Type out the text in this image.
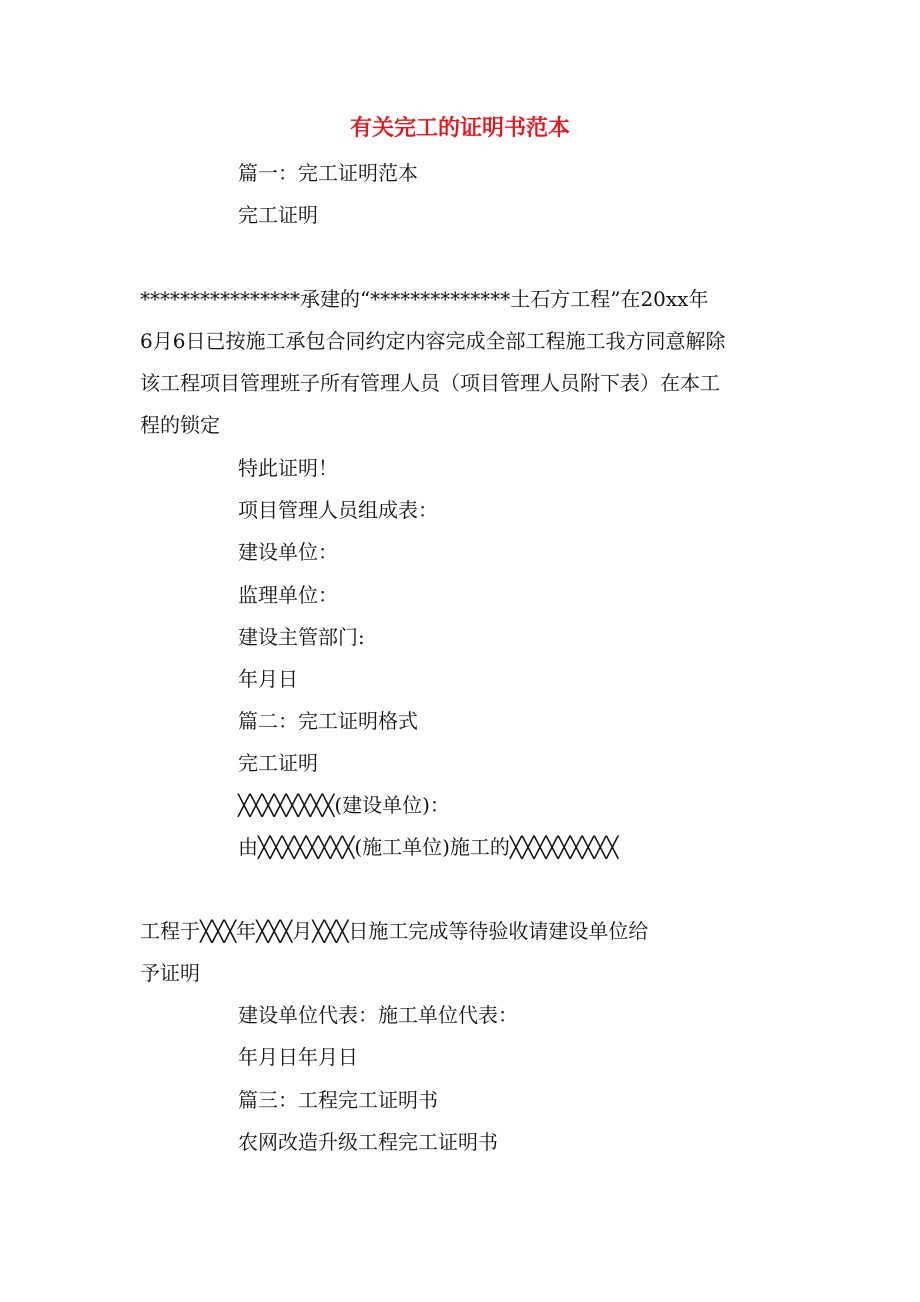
有关完工的证明书范本
篇一：完工证明范本
完工证明
****************承建的“**************土石方工程”在20xx年
6月6日已按施工承包合同约定内容完成全部工程施工我方同意解除
该工程项目管理班子所有管理人员（项目管理人员附下表）在本工
程的锁定
特此证明！
项目管理人员组成表：
建设单位：
监理单位：
建设主管部门:
年月日
篇二：完工证明格式
完工证明
╳╳╳╳╳╳╳╳(建设单位)：
由╳╳╳╳╳╳╳╳(施工单位)施工的╳╳╳╳╳╳╳╳╳
工程于╳╳╳年╳╳╳月╳╳╳日施工完成等待验收请建设单位给
予证明
建设单位代表：施工单位代表：
年月日年月日
篇三：工程完工证明书
农网改造升级工程完工证明书
